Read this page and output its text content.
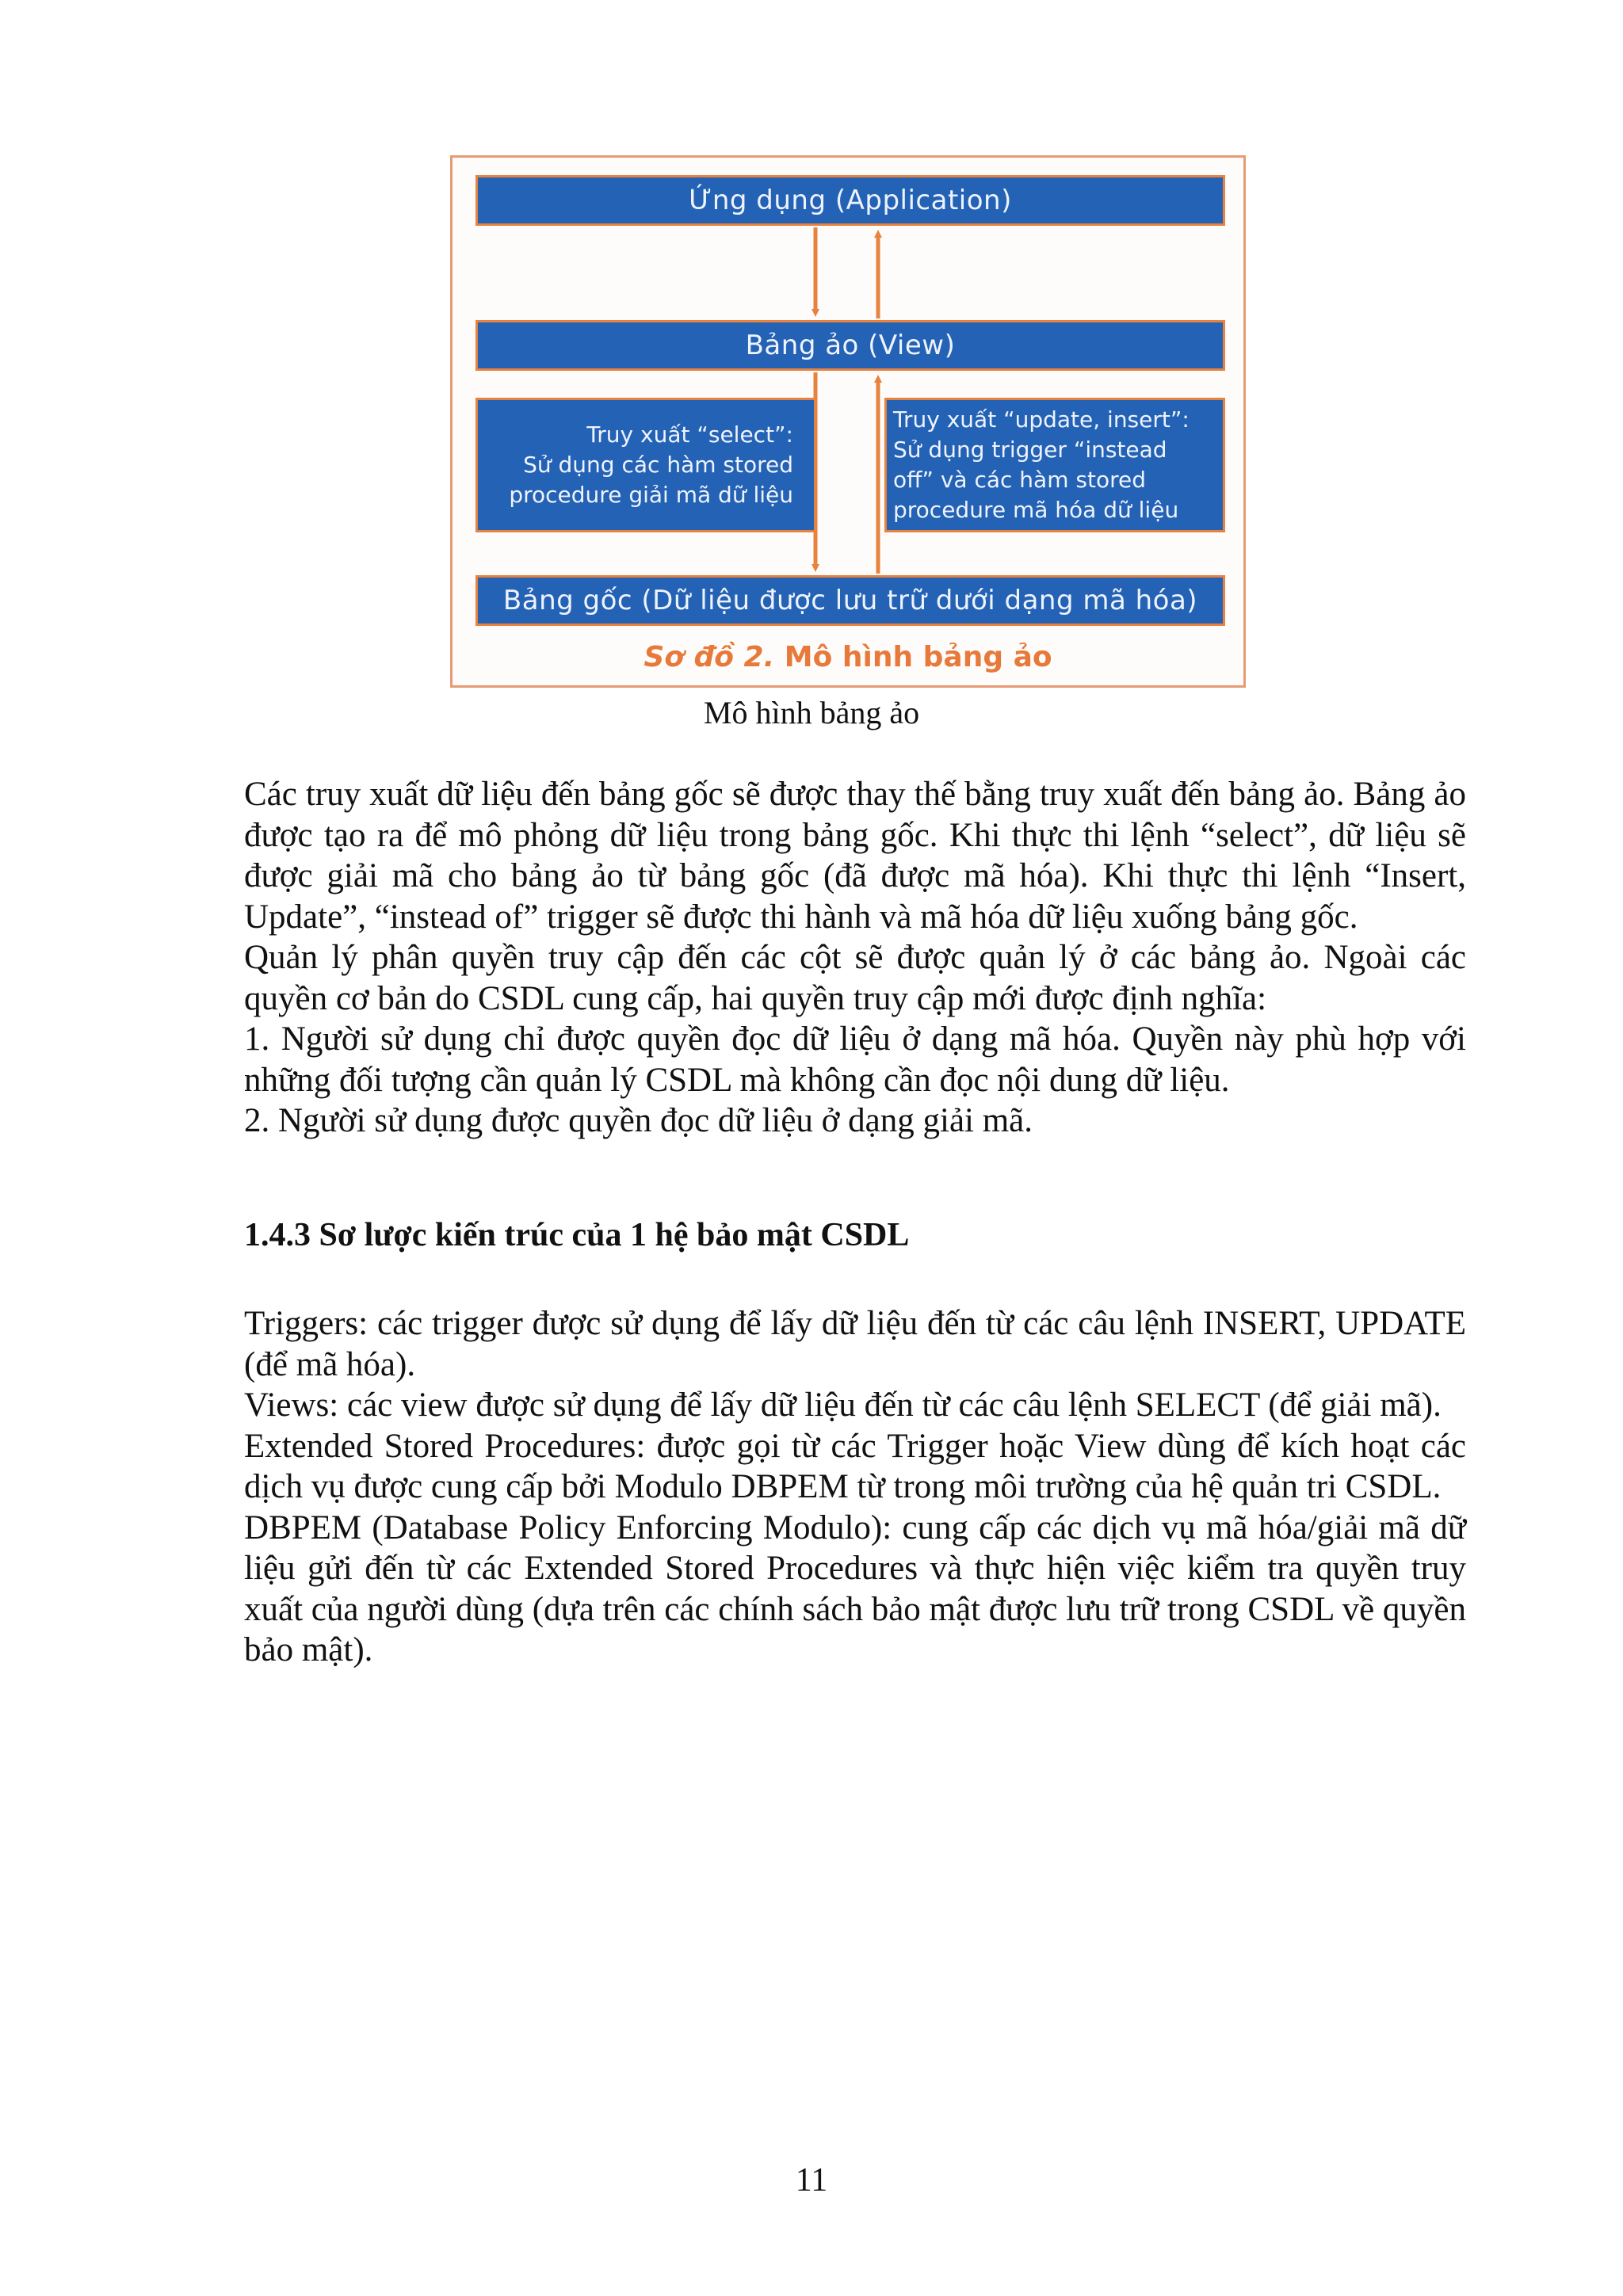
Ứng dụng (Application)
Bảng ảo (View)
Truy xuất “select”:
Sử dụng các hàm stored
procedure giải mã dữ liệu
Truy xuất “update, insert”:
Sử dụng trigger “instead
off” và các hàm stored
procedure mã hóa dữ liệu
Bảng gốc (Dữ liệu được lưu trữ dưới dạng mã hóa)
Sơ đồ 2. Mô hình bảng ảo
Mô hình bảng ảo

Các truy xuất dữ liệu đến bảng gốc sẽ được thay thế bằng truy xuất đến bảng ảo. Bảng ảo được tạo ra để mô phỏng dữ liệu trong bảng gốc. Khi thực thi lệnh “select”, dữ liệu sẽ được giải mã cho bảng ảo từ bảng gốc (đã được mã hóa). Khi thực thi lệnh “Insert, Update”, “instead of” trigger sẽ được thi hành và mã hóa dữ liệu xuống bảng gốc.

Quản lý phân quyền truy cập đến các cột sẽ được quản lý ở các bảng ảo. Ngoài các quyền cơ bản do CSDL cung cấp, hai quyền truy cập mới được định nghĩa:

1. Người sử dụng chỉ được quyền đọc dữ liệu ở dạng mã hóa. Quyền này phù hợp với những đối tượng cần quản lý CSDL mà không cần đọc nội dung dữ liệu.

2. Người sử dụng được quyền đọc dữ liệu ở dạng giải mã.

1.4.3 Sơ lược kiến trúc của 1 hệ bảo mật CSDL

Triggers: các trigger được sử dụng để lấy dữ liệu đến từ các câu lệnh INSERT, UPDATE (để mã hóa).

Views: các view được sử dụng để lấy dữ liệu đến từ các câu lệnh SELECT (để giải mã).

Extended Stored Procedures: được gọi từ các Trigger hoặc View dùng để kích hoạt các dịch vụ được cung cấp bởi Modulo DBPEM từ trong môi trường của hệ quản tri CSDL.

DBPEM (Database Policy Enforcing Modulo): cung cấp các dịch vụ mã hóa/giải mã dữ liệu gửi đến từ các Extended Stored Procedures và thực hiện việc kiểm tra quyền truy xuất của người dùng (dựa trên các chính sách bảo mật được lưu trữ trong CSDL về quyền bảo mật).

11
